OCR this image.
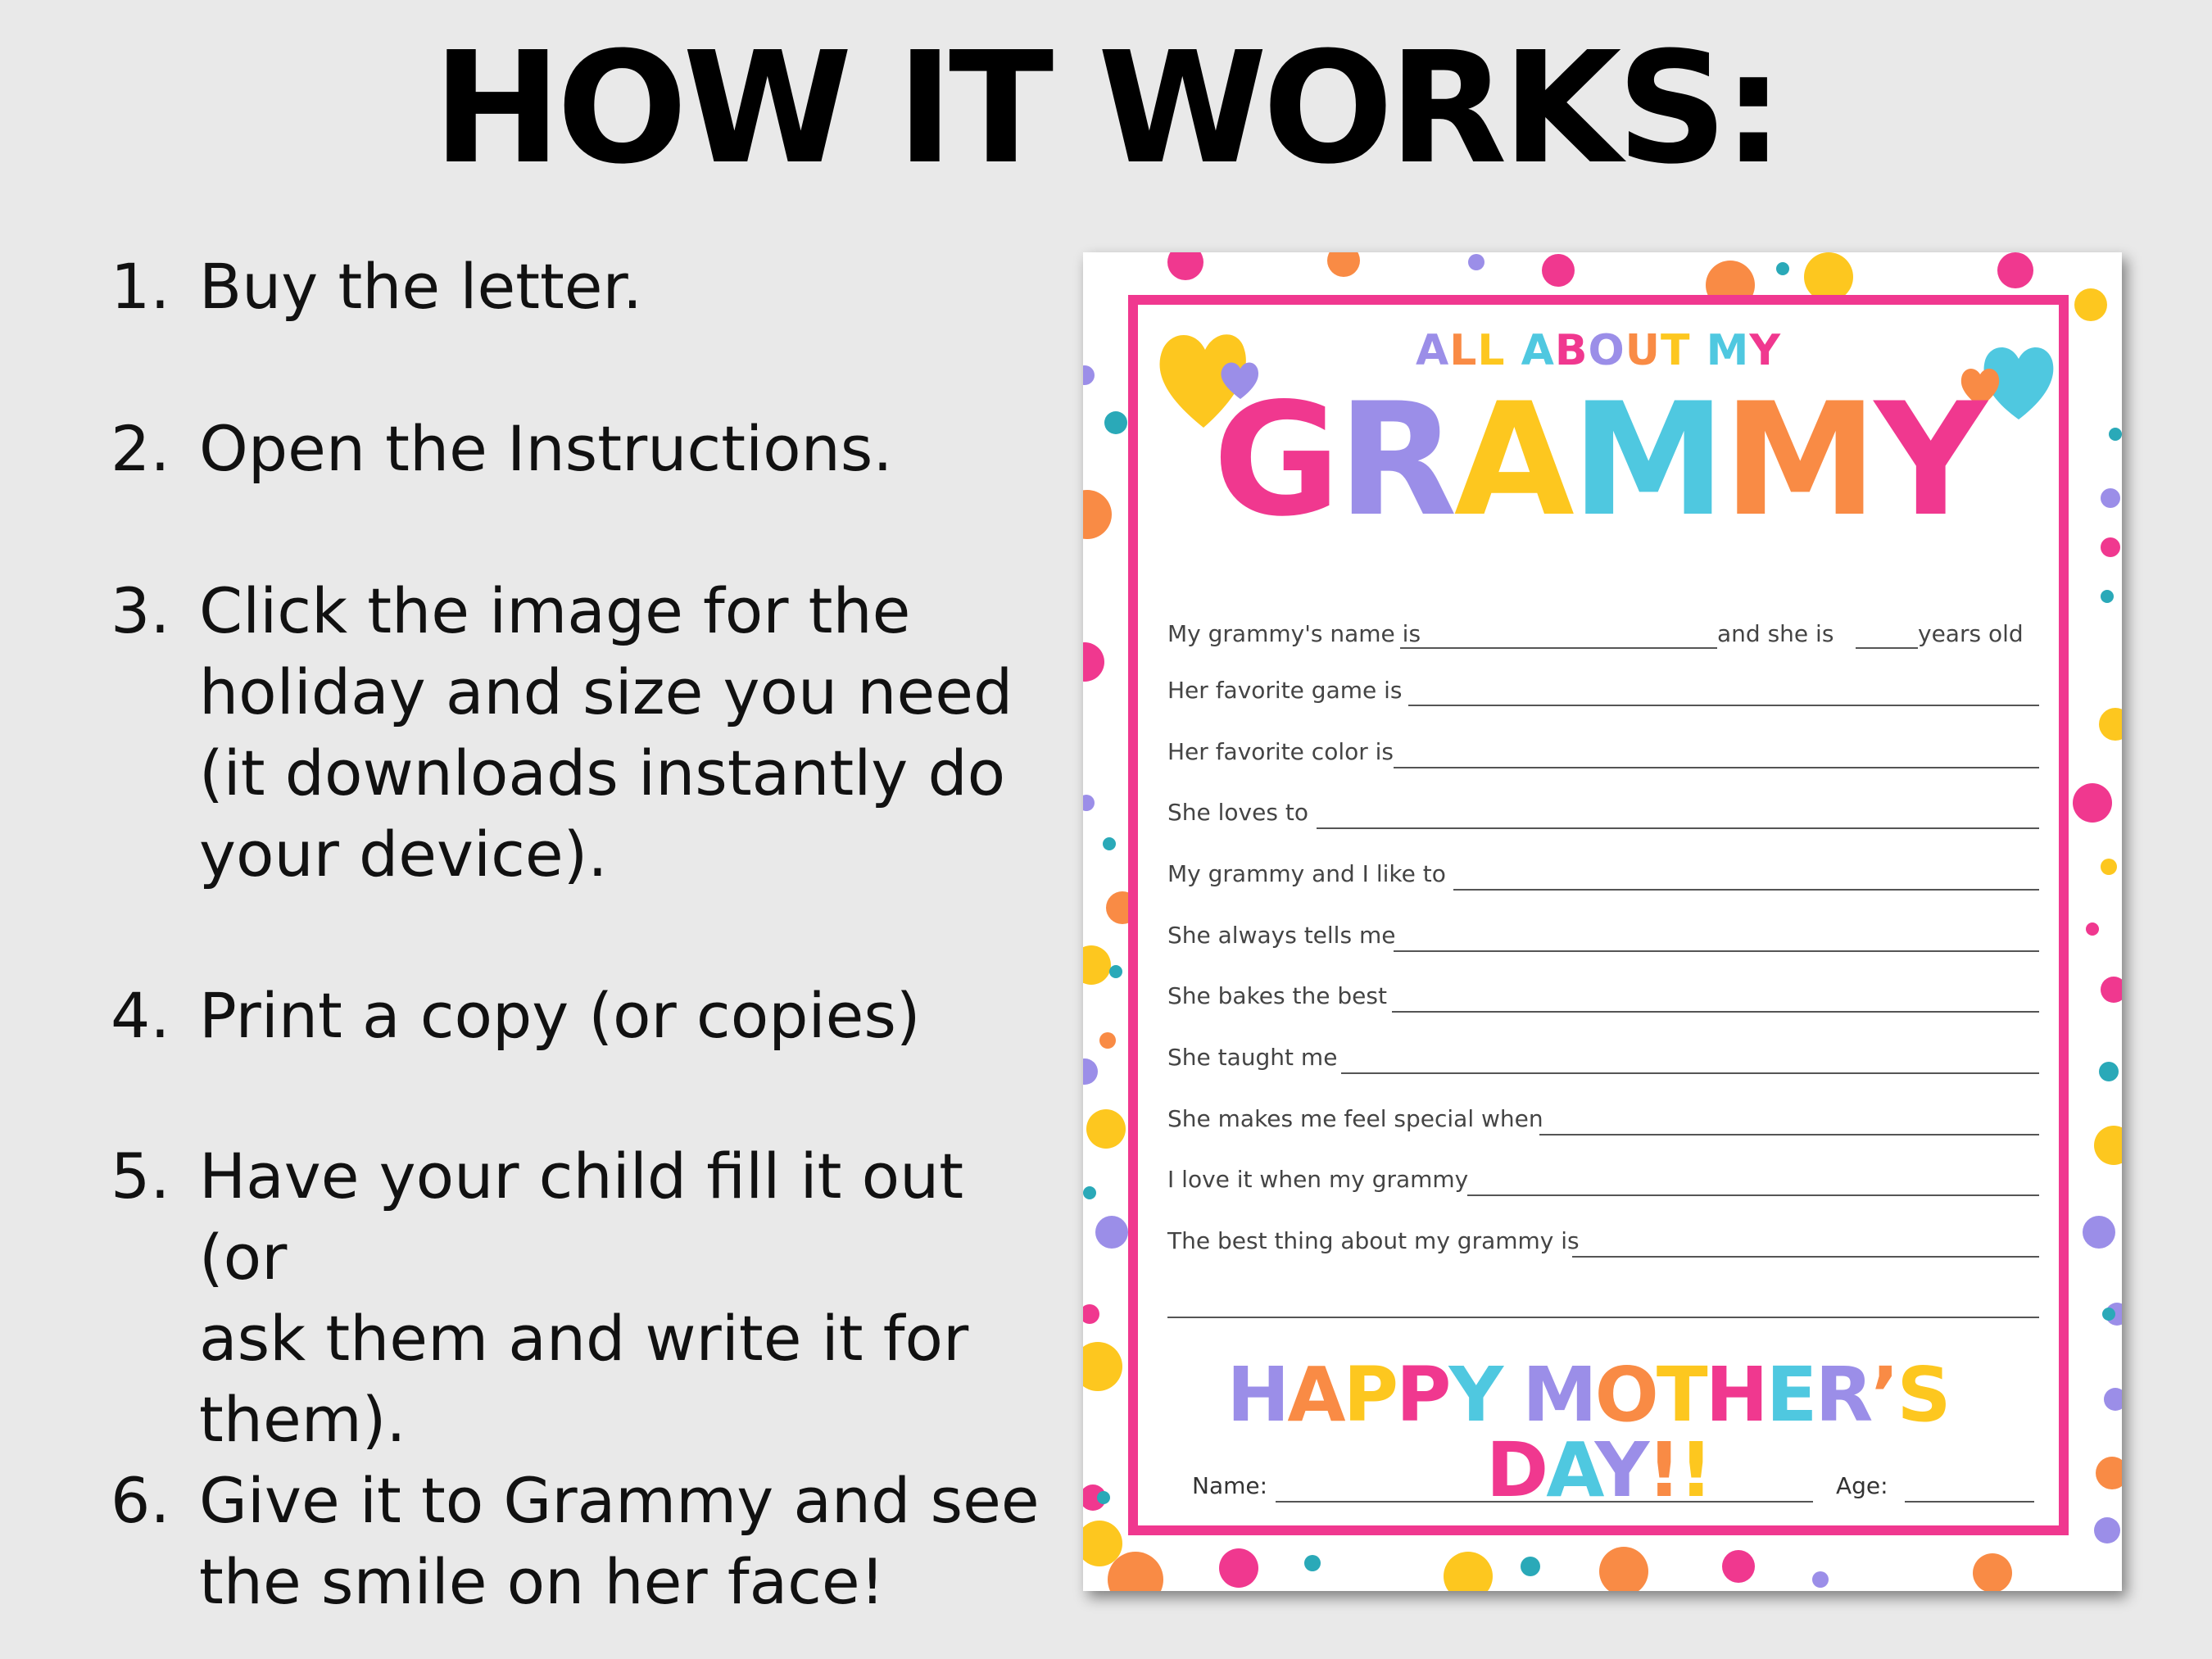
HOW IT WORKS:
1. Buy the letter.
2. Open the Instructions.
3. Click the image for the
holiday and size you need
(it downloads instantly do
your device).
4. Print a copy (or copies)
5. Have your child fill it out (or
ask them and write it for
them).
6. Give it to Grammy and see
the smile on her face!
ALL ABOUT MY
GRAMMY
My grammy's name is	and she is	years old
Her favorite game is
Her favorite color is
She loves to
My grammy and I like to
She always tells me
She bakes the best
She taught me
She makes me feel special when
I love it when my grammy
The best thing about my grammy is
HAPPY MOTHER’SDAY!!
Name:	Age:
